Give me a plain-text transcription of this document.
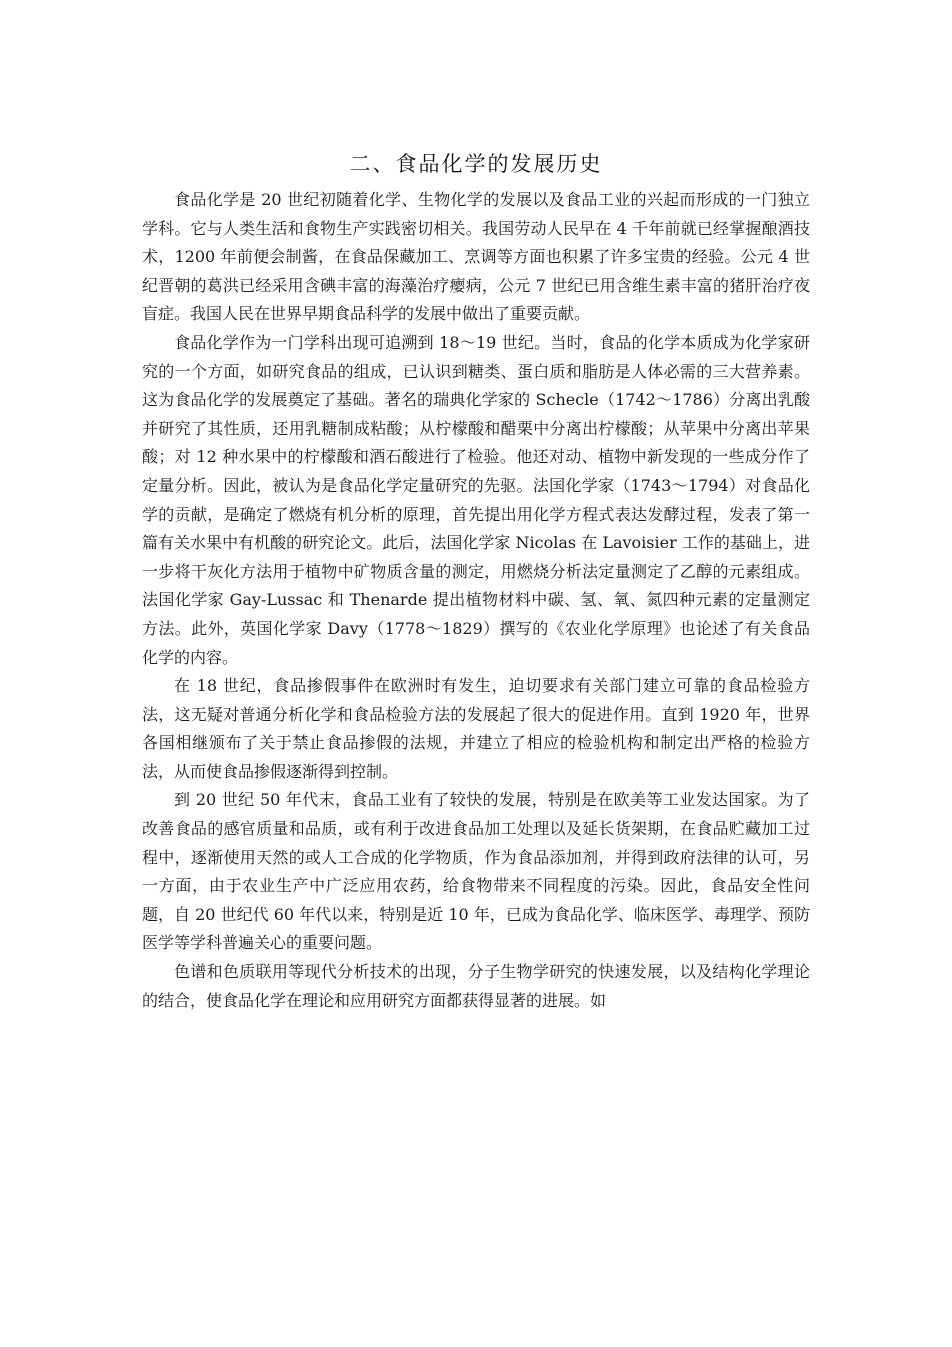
二、食品化学的发展历史

食品化学是 20 世纪初随着化学、生物化学的发展以及食品工业的兴起而形成的一门独立学科。它与人类生活和食物生产实践密切相关。我国劳动人民早在 4 千年前就已经掌握酿酒技术，1200 年前便会制酱，在食品保藏加工、烹调等方面也积累了许多宝贵的经验。公元 4 世纪晋朝的葛洪已经采用含碘丰富的海藻治疗瘿病，公元 7 世纪已用含维生素丰富的猪肝治疗夜盲症。我国人民在世界早期食品科学的发展中做出了重要贡献。

食品化学作为一门学科出现可追溯到 18～19 世纪。当时，食品的化学本质成为化学家研究的一个方面，如研究食品的组成，已认识到糖类、蛋白质和脂肪是人体必需的三大营养素。这为食品化学的发展奠定了基础。著名的瑞典化学家的 Schecle（1742～1786）分离出乳酸并研究了其性质，还用乳糖制成粘酸；从柠檬酸和醋栗中分离出柠檬酸；从苹果中分离出苹果酸；对 12 种水果中的柠檬酸和酒石酸进行了检验。他还对动、植物中新发现的一些成分作了定量分析。因此，被认为是食品化学定量研究的先驱。法国化学家（1743～1794）对食品化学的贡献，是确定了燃烧有机分析的原理，首先提出用化学方程式表达发酵过程，发表了第一篇有关水果中有机酸的研究论文。此后，法国化学家 Nicolas 在 Lavoisier 工作的基础上，进一步将干灰化方法用于植物中矿物质含量的测定，用燃烧分析法定量测定了乙醇的元素组成。法国化学家 Gay-Lussac 和 Thenarde 提出植物材料中碳、氢、氧、氮四种元素的定量测定方法。此外，英国化学家 Davy（1778～1829）撰写的《农业化学原理》也论述了有关食品化学的内容。

在 18 世纪，食品掺假事件在欧洲时有发生，迫切要求有关部门建立可靠的食品检验方法，这无疑对普通分析化学和食品检验方法的发展起了很大的促进作用。直到 1920 年，世界各国相继颁布了关于禁止食品掺假的法规，并建立了相应的检验机构和制定出严格的检验方法，从而使食品掺假逐渐得到控制。

到 20 世纪 50 年代末，食品工业有了较快的发展，特别是在欧美等工业发达国家。为了改善食品的感官质量和品质，或有利于改进食品加工处理以及延长货架期，在食品贮藏加工过程中，逐渐使用天然的或人工合成的化学物质，作为食品添加剂，并得到政府法律的认可，另一方面，由于农业生产中广泛应用农药，给食物带来不同程度的污染。因此，食品安全性问题，自 20 世纪代 60 年代以来，特别是近 10 年，已成为食品化学、临床医学、毒理学、预防医学等学科普遍关心的重要问题。

色谱和色质联用等现代分析技术的出现，分子生物学研究的快速发展，以及结构化学理论的结合，使食品化学在理论和应用研究方面都获得显著的进展。如
